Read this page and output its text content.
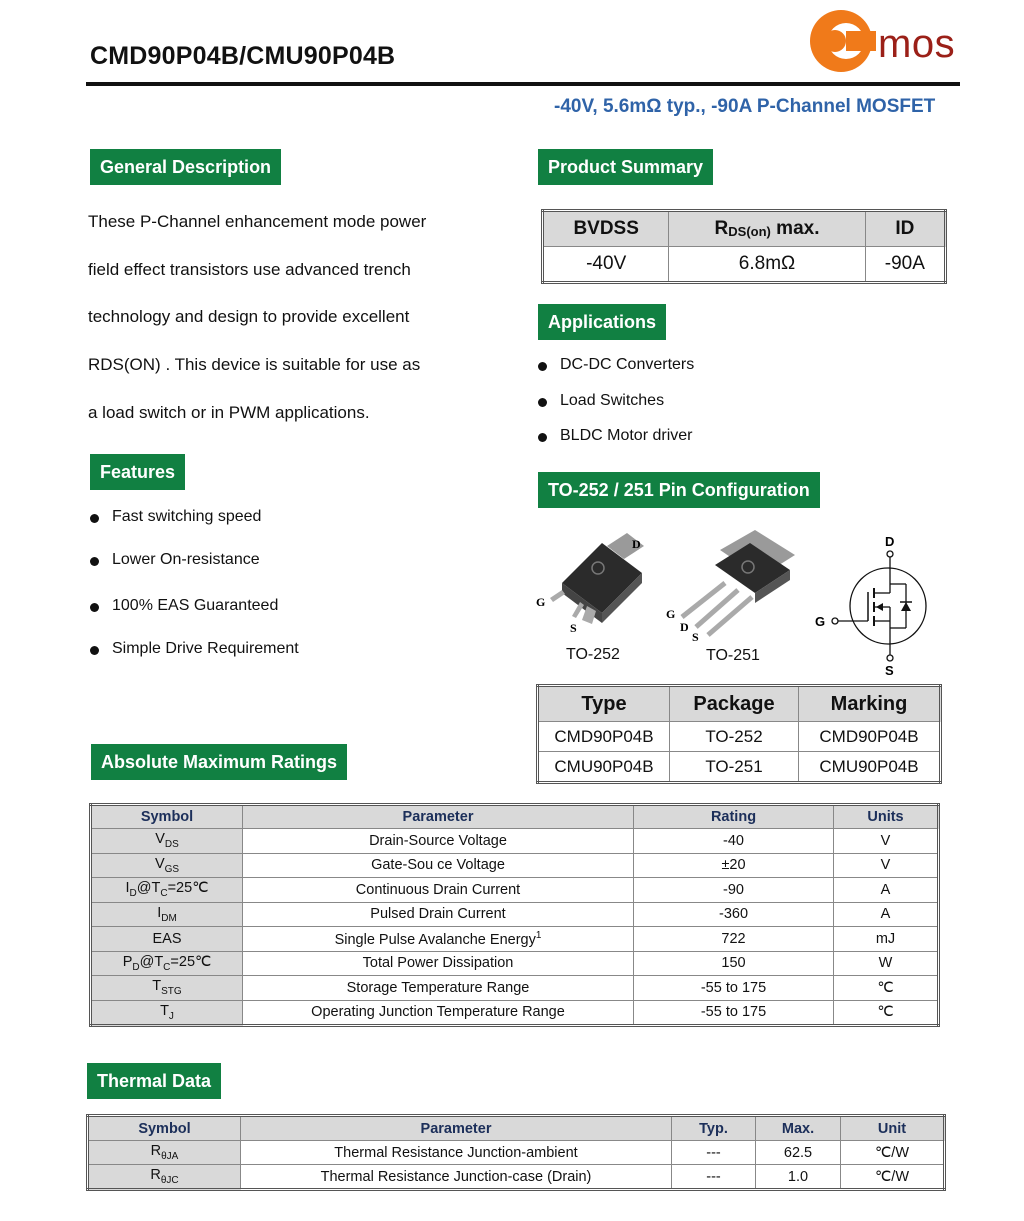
CMD90P04B/CMU90P04B	mos
-40V, 5.6mΩ typ., -90A P-Channel MOSFET
General Description
These P-Channel enhancement mode power
field effect transistors use advanced trench
technology and design to provide excellent
RDS(ON) . This device is suitable for use as
a load switch or in PWM applications.
Features
Fast switching speed
Lower On-resistance
100% EAS Guaranteed
Simple Drive Requirement
Product Summary
BVDSS	$R_{DS(on)}$ max.	ID
-40V	6.8mΩ	-90A
Applications
DC-DC Converters
Load Switches
BLDC Motor driver
TO-252 / 251 Pin Configuration
D
G
S
TO-252
G
D
S
TO-251
D
G
S
Type	Package	Marking
CMD90P04B	TO-252	CMD90P04B
CMU90P04B	TO-251	CMU90P04B
Absolute Maximum Ratings
Symbol	Parameter	Rating	Units
$V_{DS}$	Drain-Source Voltage	-40	V
$V_{GS}$	Gate-Sou ce Voltage	±20	V
$I_D@T_C=25℃$	Continuous Drain Current	-90	A
$I_{DM}$	Pulsed Drain Current	-360	A
EAS	Single Pulse Avalanche Energy$^1$	722	mJ
$P_D@T_C=25℃$	Total Power Dissipation	150	W
$T_{STG}$	Storage Temperature Range	-55 to 175	℃
$T_J$	Operating Junction Temperature Range	-55 to 175	℃
Thermal Data
Symbol	Parameter	Typ.	Max.	Unit
$R_{\theta JA}$	Thermal Resistance Junction-ambient	---	62.5	℃/W
$R_{\theta JC}$	Thermal Resistance Junction-case (Drain)	---	1.0	℃/W
